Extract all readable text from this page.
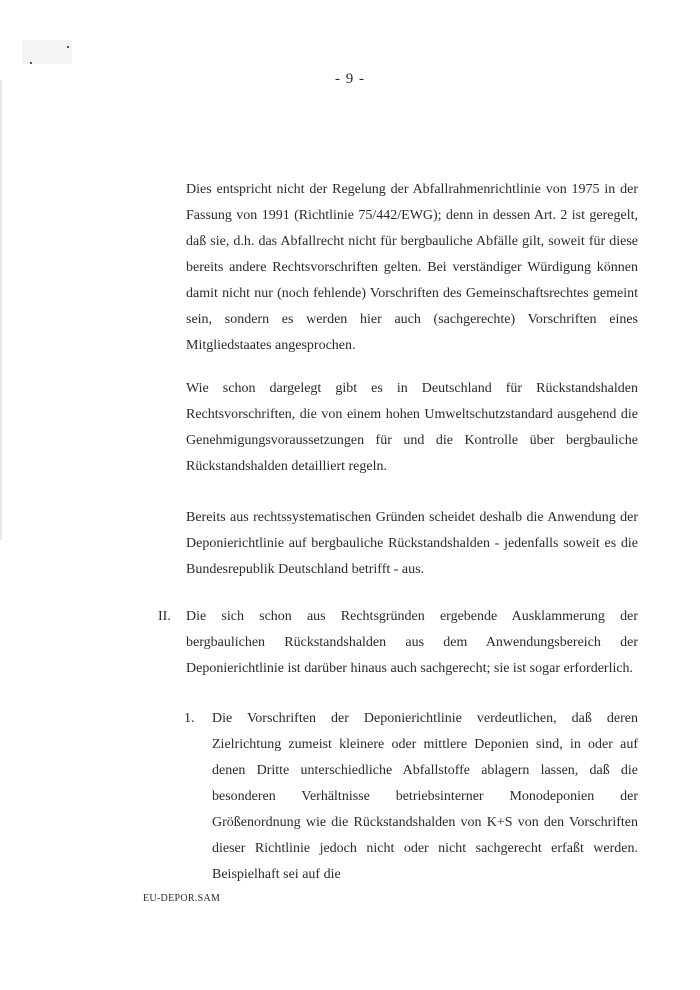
- 9 -

Dies entspricht nicht der Regelung der Abfallrahmenrichtlinie von 1975 in der Fassung von 1991 (Richtlinie 75/442/EWG); denn in dessen Art. 2 ist geregelt, daß sie, d.h. das Abfallrecht nicht für bergbauliche Abfälle gilt, soweit für diese bereits andere Rechtsvorschriften gelten. Bei verständiger Würdigung können damit nicht nur (noch fehlende) Vorschriften des Gemeinschaftsrechtes gemeint sein, sondern es werden hier auch (sachgerechte) Vorschriften eines Mitgliedstaates angesprochen.

Wie schon dargelegt gibt es in Deutschland für Rückstandshalden Rechtsvorschriften, die von einem hohen Umweltschutzstandard ausgehend die Genehmigungsvoraussetzungen für und die Kontrolle über bergbauliche Rückstandshalden detailliert regeln.

Bereits aus rechtssystematischen Gründen scheidet deshalb die Anwendung der Deponierichtlinie auf bergbauliche Rückstandshalden - jedenfalls soweit es die Bundesrepublik Deutschland betrifft - aus.

II. Die sich schon aus Rechtsgründen ergebende Ausklammerung der bergbaulichen Rückstandshalden aus dem Anwendungsbereich der Deponierichtlinie ist darüber hinaus auch sachgerecht; sie ist sogar erforderlich.

1. Die Vorschriften der Deponierichtlinie verdeutlichen, daß deren Zielrichtung zumeist kleinere oder mittlere Deponien sind, in oder auf denen Dritte unterschiedliche Abfallstoffe ablagern lassen, daß die besonderen Verhältnisse betriebsinterner Monodeponien der Größenordnung wie die Rückstandshalden von K+S von den Vorschriften dieser Richtlinie jedoch nicht oder nicht sachgerecht erfaßt werden. Beispielhaft sei auf die

EU-DEPOR.SAM
